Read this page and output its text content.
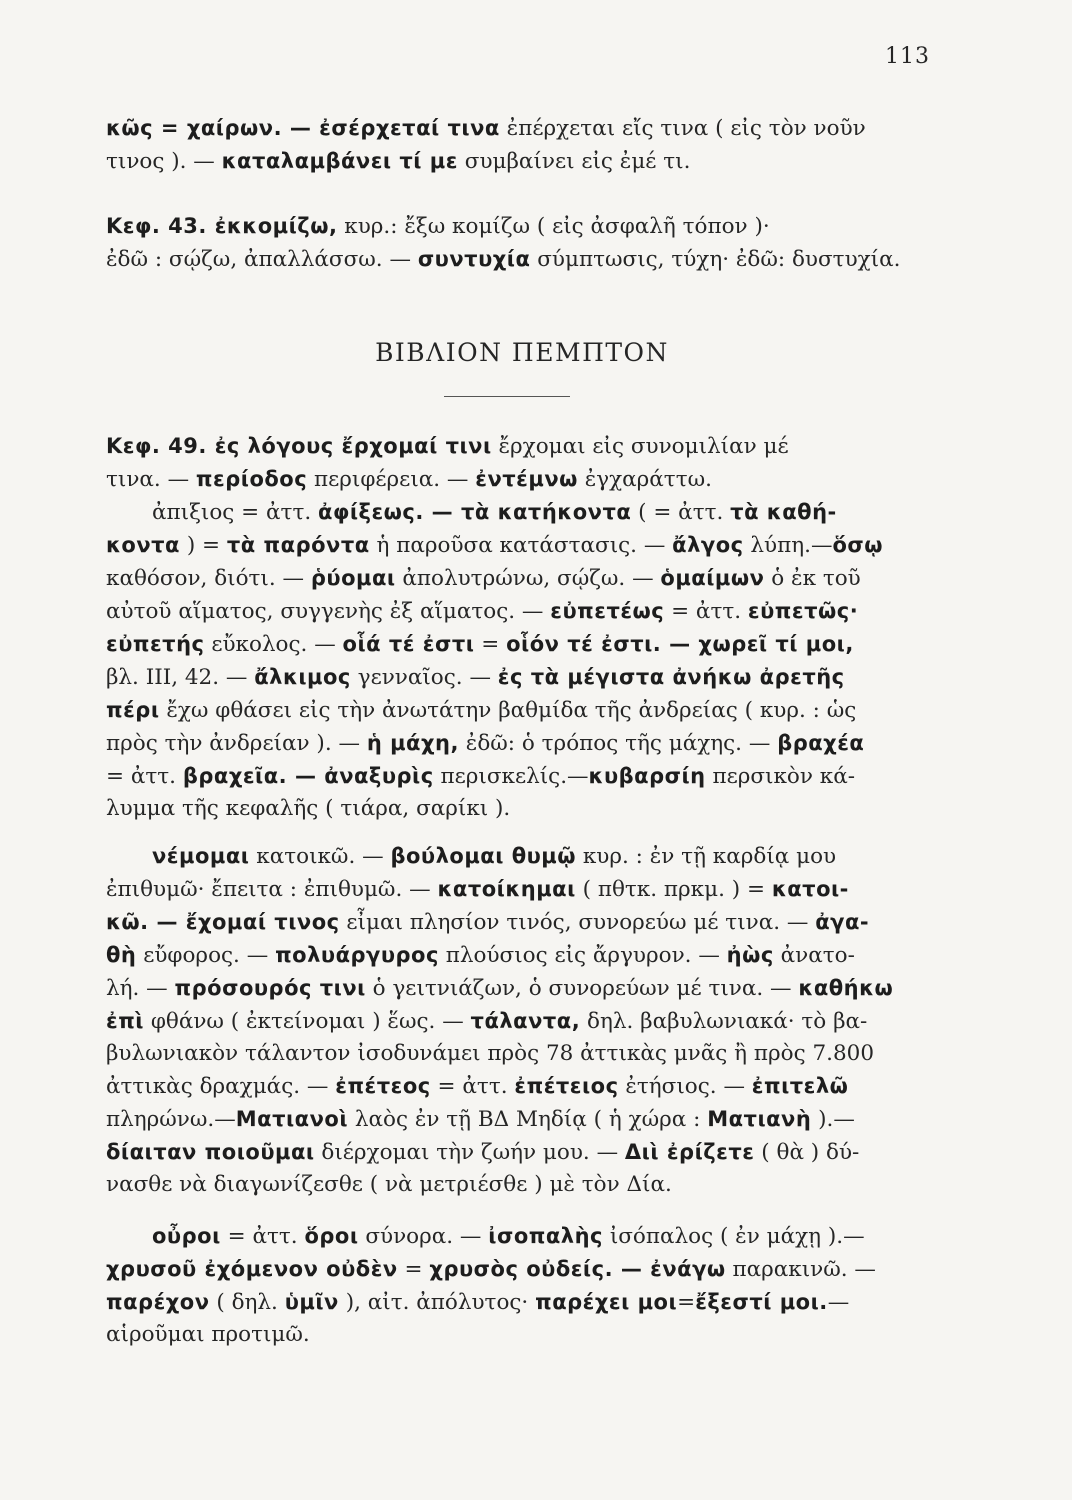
113

κῶς = χαίρων. — ἐσέρχεταί τινα ἐπέρχεται εἴς τινα ( εἰς τὸν νοῦν

τινος ). — καταλαμβάνει τί με συμβαίνει εἰς ἐμέ τι.

Κεφ. 43. ἐκκομίζω, κυρ.: ἔξω κομίζω ( εἰς ἀσφαλῆ τόπον )·

ἐδῶ : σῴζω, ἀπαλλάσσω. — συντυχία σύμπτωσις, τύχη· ἐδῶ: δυστυχία.

ΒΙΒΛΙΟΝ ΠΕΜΠΤΟΝ

Κεφ. 49. ἐς λόγους ἔρχομαί τινι ἔρχομαι εἰς συνομιλίαν μέ

τινα. — περίοδος περιφέρεια. — ἐντέμνω ἐγχαράττω.

ἀπιξιος = ἀττ. ἀφίξεως. — τὰ κατήκοντα ( = ἀττ. τὰ καθή-

κοντα ) = τὰ παρόντα ἡ παροῦσα κατάστασις. — ἄλγος λύπη.—ὅσῳ

καθόσον, διότι. — ῥύομαι ἀπολυτρώνω, σῴζω. — ὁμαίμων ὁ ἐκ τοῦ

αὐτοῦ αἵματος, συγγενὴς ἐξ αἵματος. — εὐπετέως = ἀττ. εὐπετῶς·

εὐπετής εὔκολος. — οἷά τέ ἐστι = οἷόν τέ ἐστι. — χωρεῖ τί μοι,

βλ. ΙΙΙ, 42. — ἄλκιμος γενναῖος. — ἐς τὰ μέγιστα ἀνήκω ἀρετῆς

πέρι ἔχω φθάσει εἰς τὴν ἀνωτάτην βαθμίδα τῆς ἀνδρείας ( κυρ. : ὡς

πρὸς τὴν ἀνδρείαν ). — ἡ μάχη, ἐδῶ: ὁ τρόπος τῆς μάχης. — βραχέα

= ἀττ. βραχεῖα. — ἀναξυρὶς περισκελίς.—κυβαρσίη περσικὸν κά-

λυμμα τῆς κεφαλῆς ( τιάρα, σαρίκι ).

νέμομαι κατοικῶ. — βούλομαι θυμῷ κυρ. : ἐν τῇ καρδίᾳ μου

ἐπιθυμῶ· ἔπειτα : ἐπιθυμῶ. — κατοίκημαι ( πθτκ. πρκμ. ) = κατοι-

κῶ. — ἔχομαί τινος εἶμαι πλησίον τινός, συνορεύω μέ τινα. — ἀγα-

θὴ εὔφορος. — πολυάργυρος πλούσιος εἰς ἄργυρον. — ἠὼς ἀνατο-

λή. — πρόσουρός τινι ὁ γειτνιάζων, ὁ συνορεύων μέ τινα. — καθήκω

ἐπὶ φθάνω ( ἐκτείνομαι ) ἕως. — τάλαντα, δηλ. βαβυλωνιακά· τὸ βα-

βυλωνιακὸν τάλαντον ἰσοδυνάμει πρὸς 78 ἀττικὰς μνᾶς ἢ πρὸς 7.800

ἀττικὰς δραχμάς. — ἐπέτεος = ἀττ. ἐπέτειος ἐτήσιος. — ἐπιτελῶ

πληρώνω.—Ματιανοὶ λαὸς ἐν τῇ ΒΔ Μηδίᾳ ( ἡ χώρα : Ματιανὴ ).—

δίαιταν ποιοῦμαι διέρχομαι τὴν ζωήν μου. — Διὶ ἐρίζετε ( θὰ ) δύ-

νασθε νὰ διαγωνίζεσθε ( νὰ μετριέσθε ) μὲ τὸν Δία.

οὖροι = ἀττ. ὅροι σύνορα. — ἰσοπαλὴς ἰσόπαλος ( ἐν μάχῃ ).—

χρυσοῦ ἐχόμενον οὐδὲν = χρυσὸς οὐδείς. — ἐνάγω παρακινῶ. —

παρέχον ( δηλ. ὑμῖν ), αἰτ. ἀπόλυτος· παρέχει μοι=ἔξεστί μοι.—

αἱροῦμαι προτιμῶ.
